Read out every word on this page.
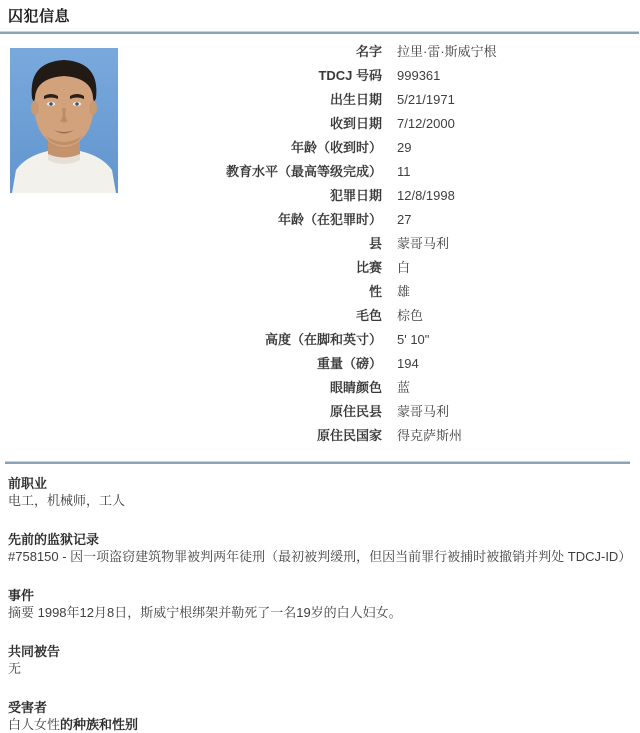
囚犯信息
名字	拉里·雷·斯威宁根
TDCJ 号码	999361
出生日期	5/21/1971
收到日期	7/12/2000
年龄（收到时）	29
教育水平（最高等级完成）	11
犯罪日期	12/8/1998
年龄（在犯罪时）	27
县	蒙哥马利
比赛	白
性	雄
毛色	棕色
高度（在脚和英寸）	5' 10"
重量（磅）	194
眼睛颜色	蓝
原住民县	蒙哥马利
原住民国家	得克萨斯州
前职业
电工，机械师，工人
先前的监狱记录
#758150 - 因一项盗窃建筑物罪被判两年徒刑（最初被判缓刑，但因当前罪行被捕时被撤销并判处 TDCJ-ID）
事件
摘要 1998年12月8日，斯威宁根绑架并勒死了一名19岁的白人妇女。
共同被告
无
受害者
白人女性的种族和性别
